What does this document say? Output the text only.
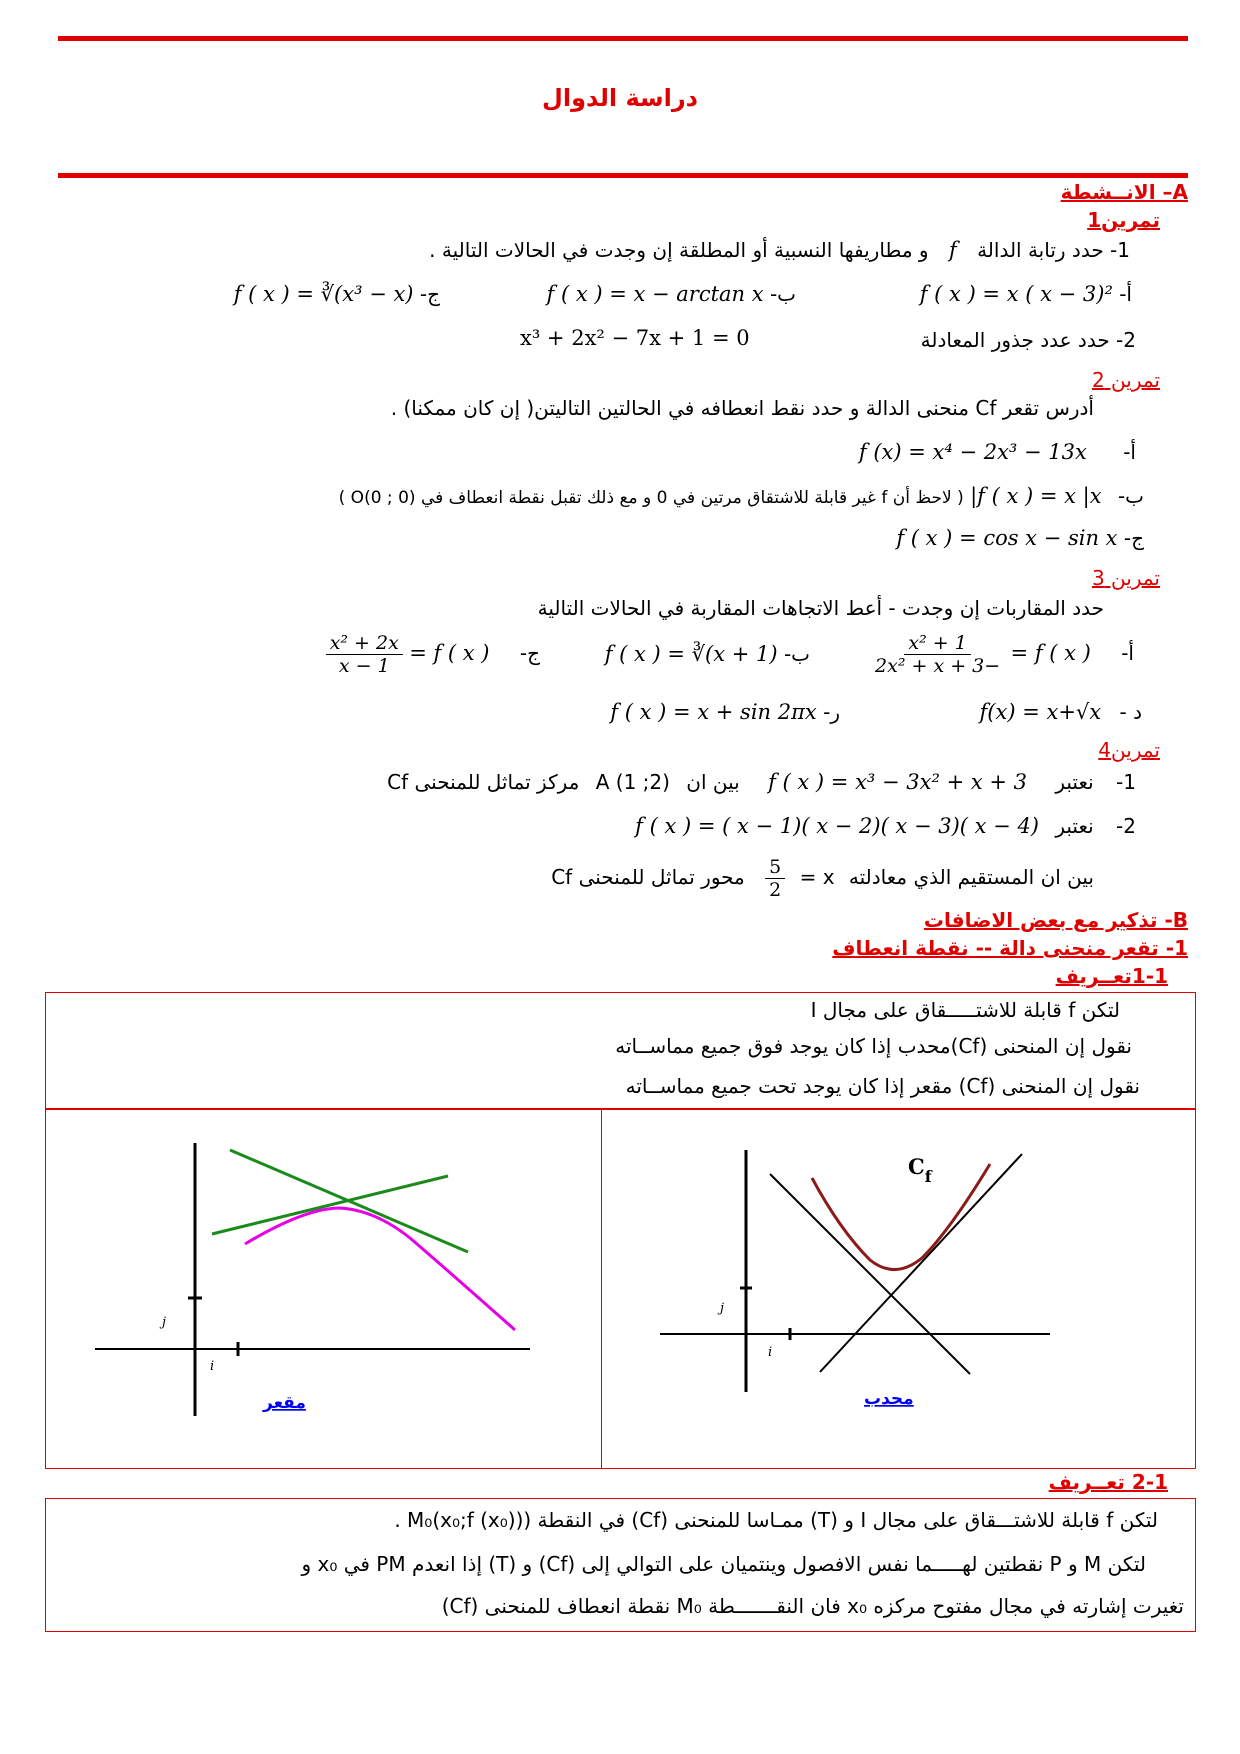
دراسة الدوال
A– الانــشطة
تمرين1
1- حدد رتابة الدالة f و مطاريفها النسبية أو المطلقة إن وجدت في الحالات التالية .
أ- f ( x ) = x ( x − 3)²
ب- f ( x ) = x − arctan x
ج- f ( x ) = ∛(x³ − x)
2- حدد عدد جذور المعادلة
x³ + 2x² − 7x + 1 = 0
تمرين 2
أدرس تقعر Cf منحنى الدالة و حدد نقط انعطافه في الحالتين التاليتن( إن كان ممكنا) .
أ- f (x) = x⁴ − 2x³ − 13x
ب- f ( x ) = x |x| ( لاحظ أن f غير قابلة للاشتقاق مرتين في 0 و مع ذلك تقبل نقطة انعطاف في (0 ; 0)O )
ج- f ( x ) = cos x − sin x
تمرين 3
حدد المقاربات إن وجدت - أعط الاتجاهات المقاربة في الحالات التالية
أ- f ( x ) =
$\frac{\text{x² + 1}}{\text{−2x² + x + 3}}$
ب- f ( x ) = ∛(x + 1)
ج- f ( x ) =
$\frac{\text{x² + 2x}}{x - 1}$
د - f(x) = x+√x
ر- f ( x ) = x + sin 2πx
تمرين4
1- نعتبر f ( x ) = x³ − 3x² + x + 3 بين ان A (1 ;2) مركز تماثل للمنحنى Cf
2- نعتبر f ( x ) = ( x − 1)( x − 2)( x − 3)( x − 4)
بين ان المستقيم الذي معادلته x =
$\frac{5}{2}$
محور تماثل للمنحنى Cf
B- تذكير مع بعض الاضافات
1- تقعر منحنى دالة -- نقطة انعطاف
1-1تعــريف
لتكن f قابلة للاشتـــــقاق على مجال I
نقول إن المنحنى (Cf)محدب إذا كان يوجد فوق جميع مماســاته
نقول إن المنحنى (Cf) مقعر إذا كان يوجد تحت جميع مماســاته
i
j
مقعر
i
j
$C_f$
محدب
2-1 تعــريف
لتكن f قابلة للاشتـــقاق على مجال I و (T) ممـاسا للمنحنى (Cf) في النقطة (M₀(x₀;f (x₀)) .
لتكن M و P نقطتين لهـــــما نفس الافصول وينتميان على التوالي إلى (Cf) و (T) إذا انعدم PM في x₀ و
تغيرت إشارته في مجال مفتوح مركزه x₀ فان النقـــــــطة M₀ نقطة انعطاف للمنحنى (Cf)
